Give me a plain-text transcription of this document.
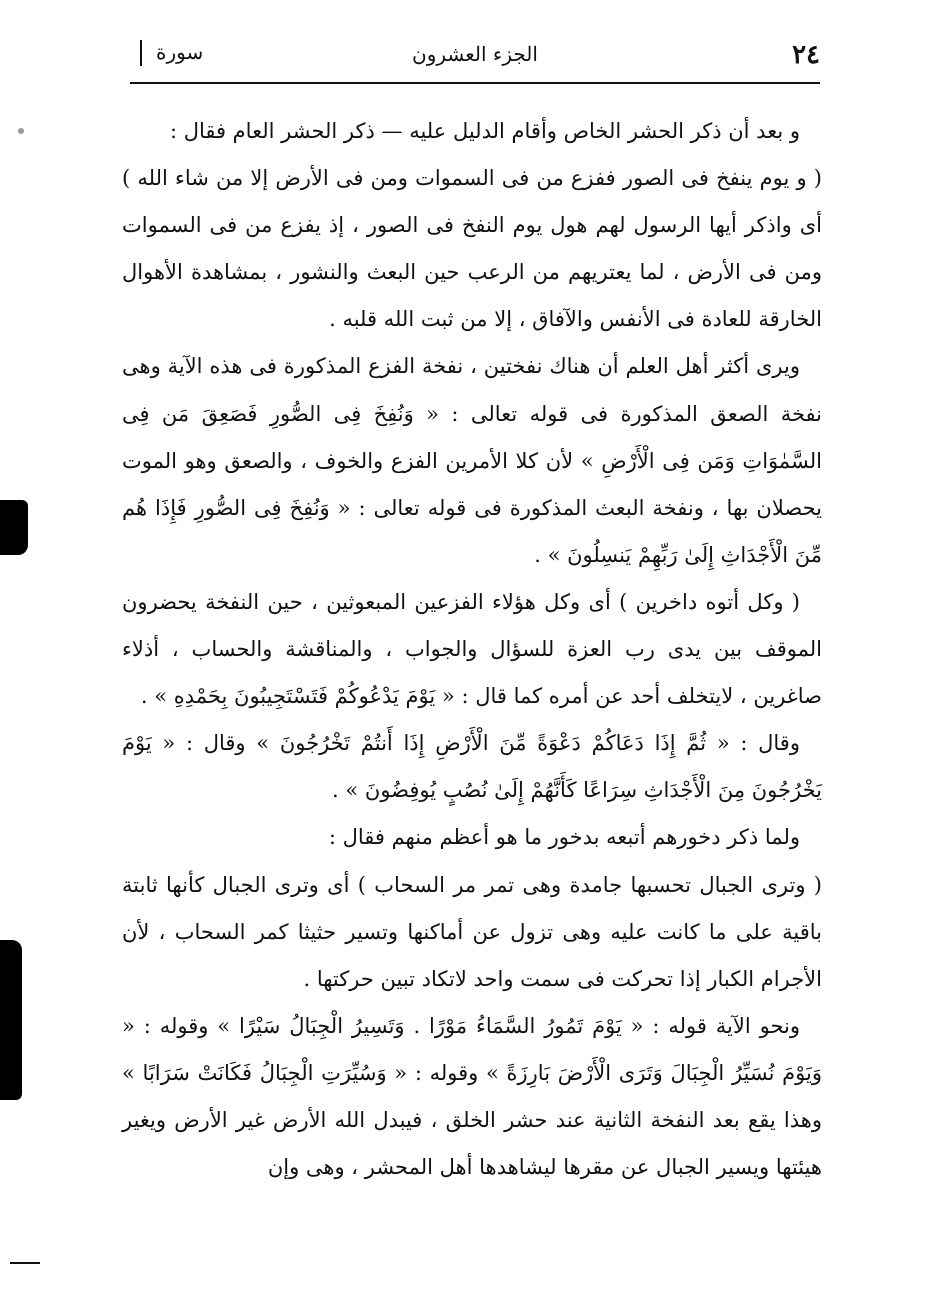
٢٤
الجزء العشرون
سورة

و بعد أن ذكر الحشر الخاص وأقام الدليل عليه — ذكر الحشر العام فقال :

( و يوم ينفخ فى الصور ففزع من فى السموات ومن فى الأرض إلا من شاء الله ) أى واذكر أيها الرسول لهم هول يوم النفخ فى الصور ، إذ يفزع من فى السموات ومن فى الأرض ، لما يعتريهم من الرعب حين البعث والنشور ، بمشاهدة الأهوال الخارقة للعادة فى الأنفس والآفاق ، إلا من ثبت الله قلبه .

ويرى أكثر أهل العلم أن هناك نفختين ، نفخة الفزع المذكورة فى هذه الآية وهى نفخة الصعق المذكورة فى قوله تعالى : « وَنُفِخَ فِى الصُّورِ فَصَعِقَ مَن فِى السَّمٰوَاتِ وَمَن فِى الْأَرْضِ » لأن كلا الأمرين الفزع والخوف ، والصعق وهو الموت يحصلان بها ، ونفخة البعث المذكورة فى قوله تعالى : « وَنُفِخَ فِى الصُّورِ فَإِذَا هُم مِّنَ الْأَجْدَاثِ إِلَىٰ رَبِّهِمْ يَنسِلُونَ » .

( وكل أتوه داخرين ) أى وكل هؤلاء الفزعين المبعوثين ، حين النفخة يحضرون الموقف بين يدى رب العزة للسؤال والجواب ، والمناقشة والحساب ، أذلاء صاغرين ، لايتخلف أحد عن أمره كما قال : « يَوْمَ يَدْعُوكُمْ فَتَسْتَجِيبُونَ بِحَمْدِهِ » .

وقال : « ثُمَّ إِذَا دَعَاكُمْ دَعْوَةً مِّنَ الْأَرْضِ إِذَا أَنتُمْ تَخْرُجُونَ » وقال : « يَوْمَ يَخْرُجُونَ مِنَ الْأَجْدَاثِ سِرَاعًا كَأَنَّهُمْ إِلَىٰ نُصُبٍ يُوفِضُونَ » .

ولما ذكر دخورهم أتبعه بدخور ما هو أعظم منهم فقال :

( وترى الجبال تحسبها جامدة وهى تمر مر السحاب ) أى وترى الجبال كأنها ثابتة باقية على ما كانت عليه وهى تزول عن أماكنها وتسير حثيثا كمر السحاب ، لأن الأجرام الكبار إذا تحركت فى سمت واحد لاتكاد تبين حركتها .

ونحو الآية قوله : « يَوْمَ تَمُورُ السَّمَاءُ مَوْرًا . وَتَسِيرُ الْجِبَالُ سَيْرًا » وقوله : « وَيَوْمَ نُسَيِّرُ الْجِبَالَ وَتَرَى الْأَرْضَ بَارِزَةً » وقوله : « وَسُيِّرَتِ الْجِبَالُ فَكَانَتْ سَرَابًا » وهذا يقع بعد النفخة الثانية عند حشر الخلق ، فيبدل الله الأرض غير الأرض ويغير هيئتها ويسير الجبال عن مقرها ليشاهدها أهل المحشر ، وهى وإن
